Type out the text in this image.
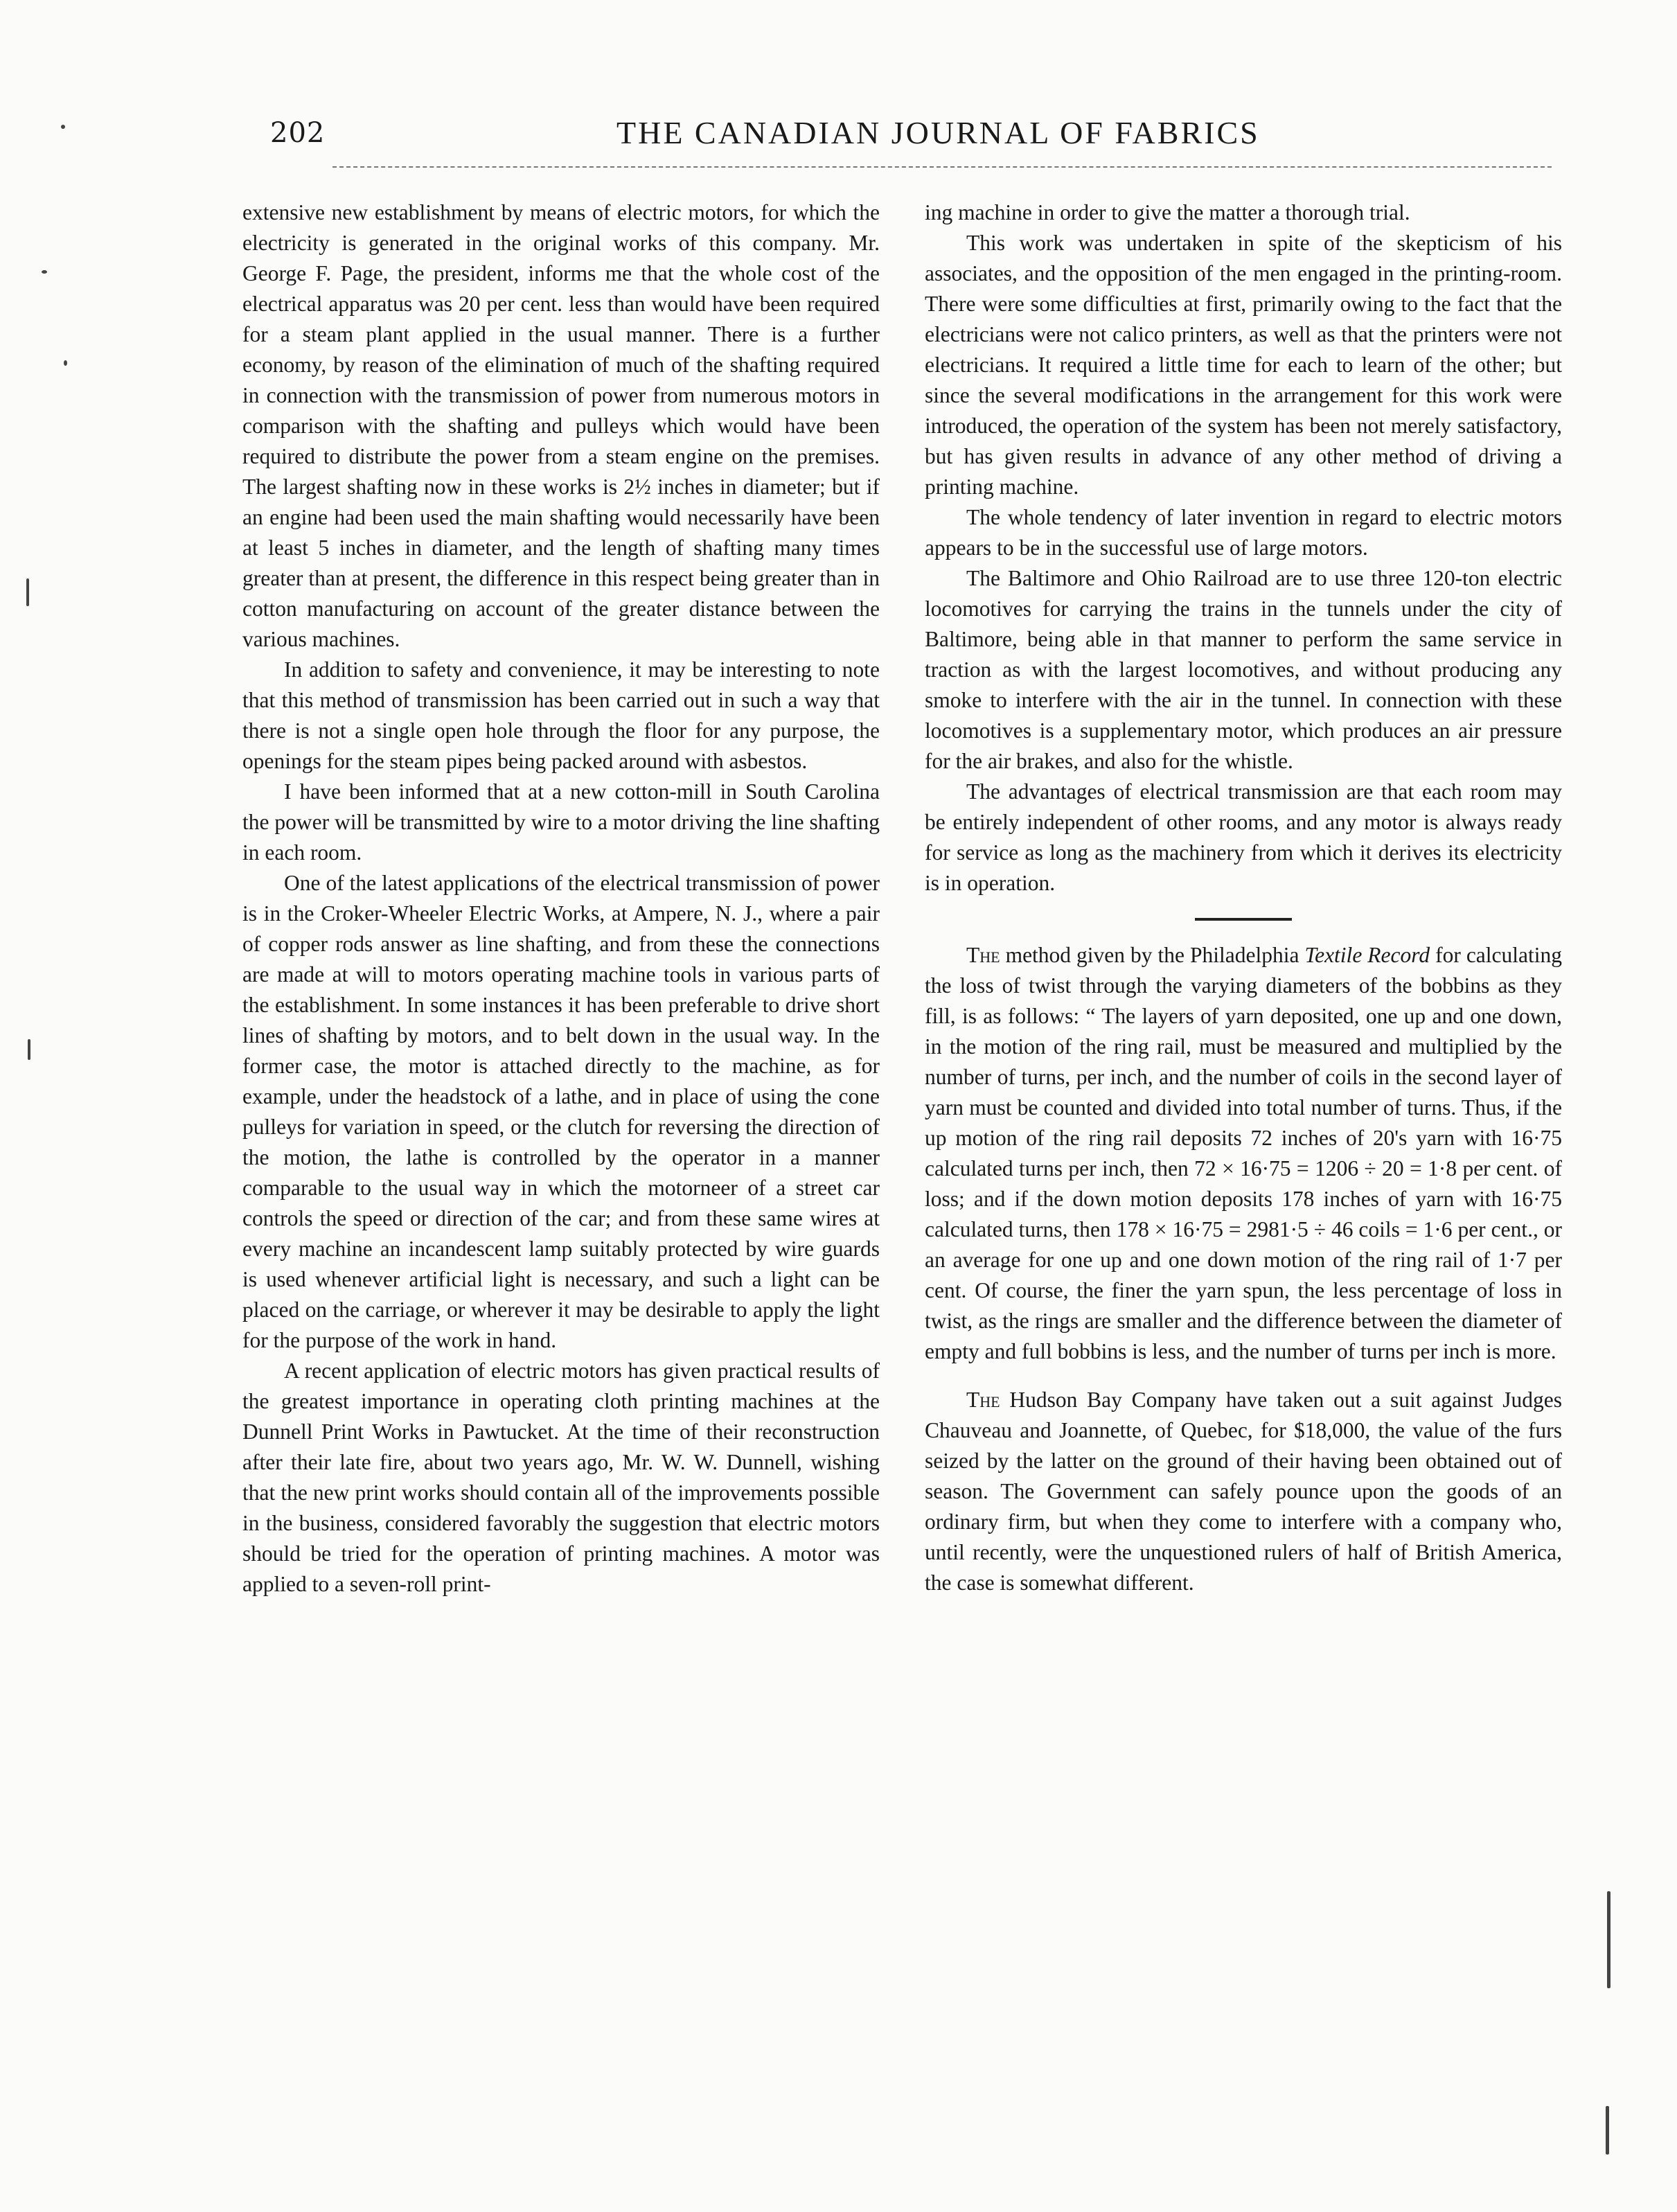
202	THE CANADIAN JOURNAL OF FABRICS

extensive new establishment by means of electric motors, for which the electricity is generated in the original works of this company. Mr. George F. Page, the president, informs me that the whole cost of the electrical apparatus was 20 per cent. less than would have been required for a steam plant applied in the usual manner. There is a further economy, by reason of the elimination of much of the shafting required in connection with the transmission of power from numerous motors in comparison with the shafting and pulleys which would have been required to distribute the power from a steam engine on the premises. The largest shafting now in these works is 2½ inches in diameter; but if an engine had been used the main shafting would necessarily have been at least 5 inches in diameter, and the length of shafting many times greater than at present, the difference in this respect being greater than in cotton manufacturing on account of the greater distance between the various machines.

In addition to safety and convenience, it may be interesting to note that this method of transmission has been carried out in such a way that there is not a single open hole through the floor for any purpose, the openings for the steam pipes being packed around with asbestos.

I have been informed that at a new cotton-mill in South Carolina the power will be transmitted by wire to a motor driving the line shafting in each room.

One of the latest applications of the electrical transmission of power is in the Croker-Wheeler Electric Works, at Ampere, N. J., where a pair of copper rods answer as line shafting, and from these the connections are made at will to motors operating machine tools in various parts of the establishment. In some instances it has been preferable to drive short lines of shafting by motors, and to belt down in the usual way. In the former case, the motor is attached directly to the machine, as for example, under the headstock of a lathe, and in place of using the cone pulleys for variation in speed, or the clutch for reversing the direction of the motion, the lathe is controlled by the operator in a manner comparable to the usual way in which the motorneer of a street car controls the speed or direction of the car; and from these same wires at every machine an incandescent lamp suitably protected by wire guards is used whenever artificial light is necessary, and such a light can be placed on the carriage, or wherever it may be desirable to apply the light for the purpose of the work in hand.

A recent application of electric motors has given practical results of the greatest importance in operating cloth printing machines at the Dunnell Print Works in Pawtucket. At the time of their reconstruction after their late fire, about two years ago, Mr. W. W. Dunnell, wishing that the new print works should contain all of the improvements possible in the business, considered favorably the suggestion that electric motors should be tried for the operation of printing machines. A motor was applied to a seven-roll print-

ing machine in order to give the matter a thorough trial.

This work was undertaken in spite of the skepticism of his associates, and the opposition of the men engaged in the printing-room. There were some difficulties at first, primarily owing to the fact that the electricians were not calico printers, as well as that the printers were not electricians. It required a little time for each to learn of the other; but since the several modifications in the arrangement for this work were introduced, the operation of the system has been not merely satisfactory, but has given results in advance of any other method of driving a printing machine.

The whole tendency of later invention in regard to electric motors appears to be in the successful use of large motors.

The Baltimore and Ohio Railroad are to use three 120-ton electric locomotives for carrying the trains in the tunnels under the city of Baltimore, being able in that manner to perform the same service in traction as with the largest locomotives, and without producing any smoke to interfere with the air in the tunnel. In connection with these locomotives is a supplementary motor, which produces an air pressure for the air brakes, and also for the whistle.

The advantages of electrical transmission are that each room may be entirely independent of other rooms, and any motor is always ready for service as long as the machinery from which it derives its electricity is in operation.

The method given by the Philadelphia Textile Record for calculating the loss of twist through the varying diameters of the bobbins as they fill, is as follows: “ The layers of yarn deposited, one up and one down, in the motion of the ring rail, must be measured and multiplied by the number of turns, per inch, and the number of coils in the second layer of yarn must be counted and divided into total number of turns. Thus, if the up motion of the ring rail deposits 72 inches of 20's yarn with 16·75 calculated turns per inch, then 72 × 16·75 = 1206 ÷ 20 = 1·8 per cent. of loss; and if the down motion deposits 178 inches of yarn with 16·75 calculated turns, then 178 × 16·75 = 2981·5 ÷ 46 coils = 1·6 per cent., or an average for one up and one down motion of the ring rail of 1·7 per cent. Of course, the finer the yarn spun, the less percentage of loss in twist, as the rings are smaller and the difference between the diameter of empty and full bobbins is less, and the number of turns per inch is more.

The Hudson Bay Company have taken out a suit against Judges Chauveau and Joannette, of Quebec, for $18,000, the value of the furs seized by the latter on the ground of their having been obtained out of season. The Government can safely pounce upon the goods of an ordinary firm, but when they come to interfere with a company who, until recently, were the unquestioned rulers of half of British America, the case is somewhat different.
